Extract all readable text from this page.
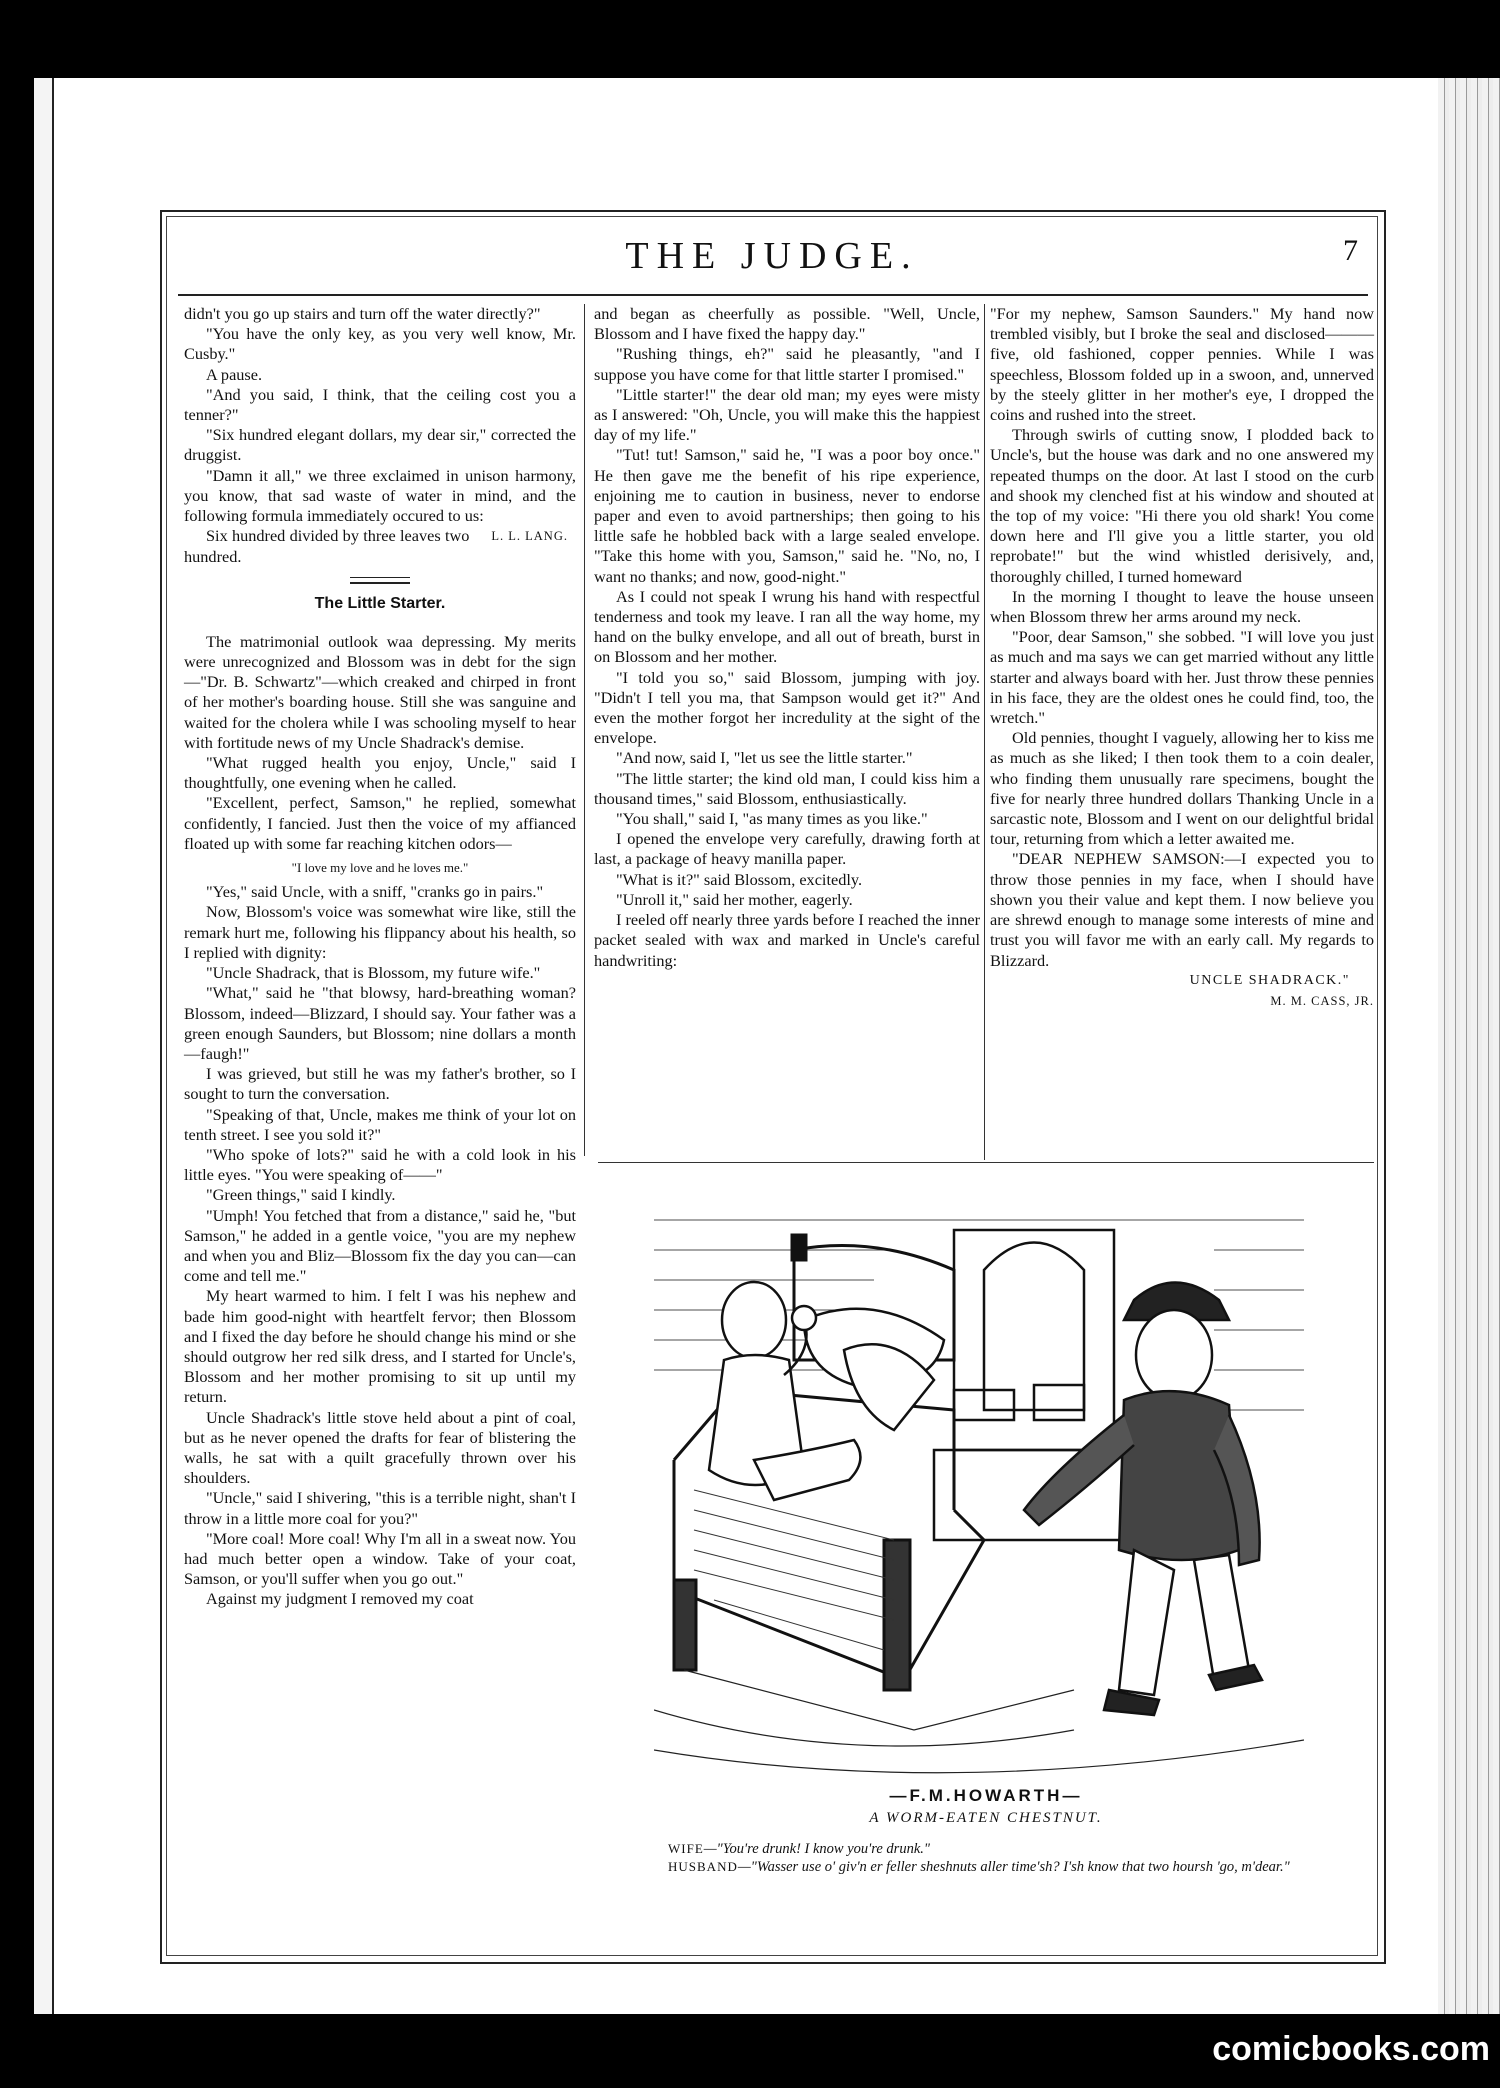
THE JUDGE.	7

didn't you go up stairs and turn off the water directly?"

"You have the only key, as you very well know, Mr. Cusby."

A pause.

"And you said, I think, that the ceiling cost you a tenner?"

"Six hundred elegant dollars, my dear sir," corrected the druggist.

"Damn it all," we three exclaimed in unison harmony, you know, that sad waste of water in mind, and the following formula immediately occured to us:

L. L. LANG.
Six hundred divided by three leaves two hundred.

The Little Starter.

The matrimonial outlook waa depressing. My merits were unrecognized and Blossom was in debt for the sign—"Dr. B. Schwartz"—which creaked and chirped in front of her mother's boarding house. Still she was sanguine and waited for the cholera while I was schooling myself to hear with fortitude news of my Uncle Shadrack's demise.

"What rugged health you enjoy, Uncle," said I thoughtfully, one evening when he called.

"Excellent, perfect, Samson," he replied, somewhat confidently, I fancied. Just then the voice of my affianced floated up with some far reaching kitchen odors—

"I love my love and he loves me."

"Yes," said Uncle, with a sniff, "cranks go in pairs."

Now, Blossom's voice was somewhat wire like, still the remark hurt me, following his flippancy about his health, so I replied with dignity:

"Uncle Shadrack, that is Blossom, my future wife."

"What," said he "that blowsy, hard-breathing woman? Blossom, indeed—Blizzard, I should say. Your father was a green enough Saunders, but Blossom; nine dollars a month—faugh!"

I was grieved, but still he was my father's brother, so I sought to turn the conversation.

"Speaking of that, Uncle, makes me think of your lot on tenth street. I see you sold it?"

"Who spoke of lots?" said he with a cold look in his little eyes. "You were speaking of——"

"Green things," said I kindly.

"Umph! You fetched that from a distance," said he, "but Samson," he added in a gentle voice, "you are my nephew and when you and Bliz—Blossom fix the day you can—can come and tell me."

My heart warmed to him. I felt I was his nephew and bade him good-night with heartfelt fervor; then Blossom and I fixed the day before he should change his mind or she should outgrow her red silk dress, and I started for Uncle's, Blossom and her mother promising to sit up until my return.

Uncle Shadrack's little stove held about a pint of coal, but as he never opened the drafts for fear of blistering the walls, he sat with a quilt gracefully thrown over his shoulders.

"Uncle," said I shivering, "this is a terrible night, shan't I throw in a little more coal for you?"

"More coal! More coal! Why I'm all in a sweat now. You had much better open a window. Take of your coat, Samson, or you'll suffer when you go out."

Against my judgment I removed my coat

and began as cheerfully as possible. "Well, Uncle, Blossom and I have fixed the happy day."

"Rushing things, eh?" said he pleasantly, "and I suppose you have come for that little starter I promised."

"Little starter!" the dear old man; my eyes were misty as I answered: "Oh, Uncle, you will make this the happiest day of my life."

"Tut! tut! Samson," said he, "I was a poor boy once." He then gave me the benefit of his ripe experience, enjoining me to caution in business, never to endorse paper and even to avoid partnerships; then going to his little safe he hobbled back with a large sealed envelope. "Take this home with you, Samson," said he. "No, no, I want no thanks; and now, good-night."

As I could not speak I wrung his hand with respectful tenderness and took my leave. I ran all the way home, my hand on the bulky envelope, and all out of breath, burst in on Blossom and her mother.

"I told you so," said Blossom, jumping with joy. "Didn't I tell you ma, that Sampson would get it?" And even the mother forgot her incredulity at the sight of the envelope.

"And now, said I, "let us see the little starter."

"The little starter; the kind old man, I could kiss him a thousand times," said Blossom, enthusiastically.

"You shall," said I, "as many times as you like."

I opened the envelope very carefully, drawing forth at last, a package of heavy manilla paper.

"What is it?" said Blossom, excitedly.

"Unroll it," said her mother, eagerly.

I reeled off nearly three yards before I reached the inner packet sealed with wax and marked in Uncle's careful handwriting:

"For my nephew, Samson Saunders." My hand now trembled visibly, but I broke the seal and disclosed———five, old fashioned, copper pennies. While I was speechless, Blossom folded up in a swoon, and, unnerved by the steely glitter in her mother's eye, I dropped the coins and rushed into the street.

Through swirls of cutting snow, I plodded back to Uncle's, but the house was dark and no one answered my repeated thumps on the door. At last I stood on the curb and shook my clenched fist at his window and shouted at the top of my voice: "Hi there you old shark! You come down here and I'll give you a little starter, you old reprobate!" but the wind whistled derisively, and, thoroughly chilled, I turned homeward

In the morning I thought to leave the house unseen when Blossom threw her arms around my neck.

"Poor, dear Samson," she sobbed. "I will love you just as much and ma says we can get married without any little starter and always board with her. Just throw these pennies in his face, they are the oldest ones he could find, too, the wretch."

Old pennies, thought I vaguely, allowing her to kiss me as much as she liked; I then took them to a coin dealer, who finding them unusually rare specimens, bought the five for nearly three hundred dollars Thanking Uncle in a sarcastic note, Blossom and I went on our delightful bridal tour, returning from which a letter awaited me.

"DEAR NEPHEW SAMSON:—I expected you to throw those pennies in my face, when I should have shown you their value and kept them. I now believe you are shrewd enough to manage some interests of mine and trust you will favor me with an early call. My regards to Blizzard.

UNCLE SHADRACK."

M. M. CASS, JR.

—F.M.HOWARTH—
A WORM-EATEN CHESTNUT.
WIFE—"You're drunk! I know you're drunk."
HUSBAND—"Wasser use o' giv'n er feller sheshnuts aller time'sh? I'sh know that two hoursh 'go, m'dear."
comicbooks.com
